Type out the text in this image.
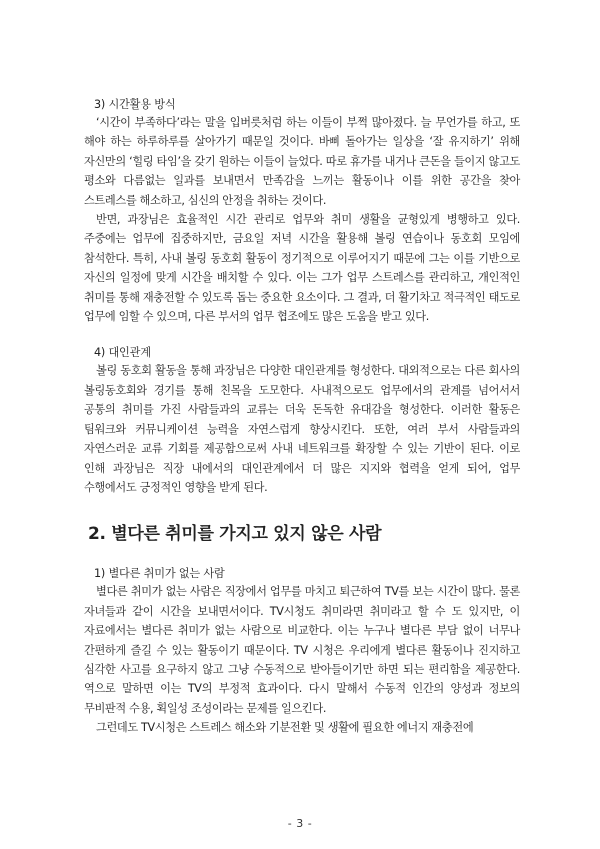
3) 시간활용 방식

‘시간이 부족하다’라는 말을 입버릇처럼 하는 이들이 부쩍 많아졌다. 늘 무언가를 하고, 또 해야 하는 하루하루를 살아가기 때문일 것이다. 바삐 돌아가는 일상을 ‘잘 유지하기’ 위해 자신만의 ‘힐링 타임’을 갖기 원하는 이들이 늘었다. 따로 휴가를 내거나 큰돈을 들이지 않고도 평소와 다름없는 일과를 보내면서 만족감을 느끼는 활동이나 이를 위한 공간을 찾아 스트레스를 해소하고, 심신의 안정을 취하는 것이다.

반면, 과장님은 효율적인 시간 관리로 업무와 취미 생활을 균형있게 병행하고 있다. 주중에는 업무에 집중하지만, 금요일 저녁 시간을 활용해 볼링 연습이나 동호회 모임에 참석한다. 특히, 사내 볼링 동호회 활동이 정기적으로 이루어지기 때문에 그는 이를 기반으로 자신의 일정에 맞게 시간을 배치할 수 있다. 이는 그가 업무 스트레스를 관리하고, 개인적인 취미를 통해 재충전할 수 있도록 돕는 중요한 요소이다. 그 결과, 더 활기차고 적극적인 태도로 업무에 임할 수 있으며, 다른 부서의 업무 협조에도 많은 도움을 받고 있다.

4) 대인관계

볼링 동호회 활동을 통해 과장님은 다양한 대인관계를 형성한다. 대외적으로는 다른 회사의 볼링동호회와 경기를 통해 친목을 도모한다. 사내적으로도 업무에서의 관계를 넘어서서 공통의 취미를 가진 사람들과의 교류는 더욱 돈독한 유대감을 형성한다. 이러한 활동은 팀워크와 커뮤니케이션 능력을 자연스럽게 향상시킨다. 또한, 여러 부서 사람들과의 자연스러운 교류 기회를 제공함으로써 사내 네트워크를 확장할 수 있는 기반이 된다. 이로 인해 과장님은 직장 내에서의 대인관계에서 더 많은 지지와 협력을 얻게 되어, 업무 수행에서도 긍정적인 영향을 받게 된다.

2. 별다른 취미를 가지고 있지 않은 사람
1) 별다른 취미가 없는 사람

별다른 취미가 없는 사람은 직장에서 업무를 마치고 퇴근하여 TV를 보는 시간이 많다. 물론 자녀들과 같이 시간을 보내면서이다. TV시청도 취미라면 취미라고 할 수 도 있지만, 이 자료에서는 별다른 취미가 없는 사람으로 비교한다. 이는 누구나 별다른 부담 없이 너무나 간편하게 즐길 수 있는 활동이기 때문이다. TV 시청은 우리에게 별다른 활동이나 진지하고 심각한 사고를 요구하지 않고 그냥 수동적으로 받아들이기만 하면 되는 편리함을 제공한다. 역으로 말하면 이는 TV의 부정적 효과이다. 다시 말해서 수동적 인간의 양성과 정보의 무비판적 수용, 획일성 조성이라는 문제를 일으킨다.

그런데도 TV시청은 스트레스 해소와 기분전환 및 생활에 필요한 에너지 재충전에

- 3 -
